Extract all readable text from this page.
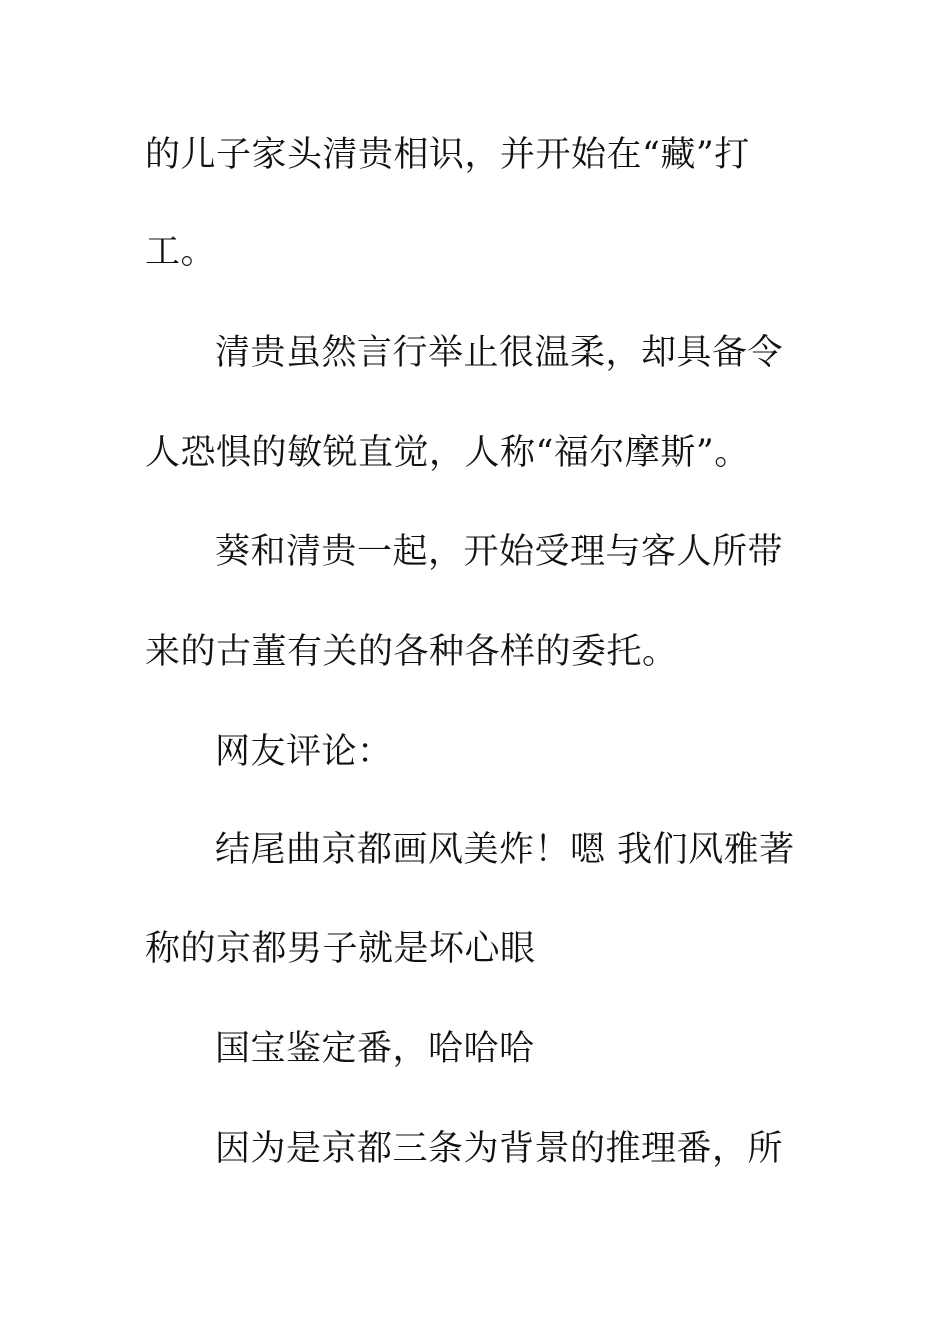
的儿子家头清贵相识，并开始在“藏”打
工。
清贵虽然言行举止很温柔，却具备令
人恐惧的敏锐直觉，人称“福尔摩斯”。
葵和清贵一起，开始受理与客人所带
来的古董有关的各种各样的委托。
网友评论：
结尾曲京都画风美炸！嗯 我们风雅著
称的京都男子就是坏心眼
国宝鉴定番，哈哈哈
因为是京都三条为背景的推理番，所
